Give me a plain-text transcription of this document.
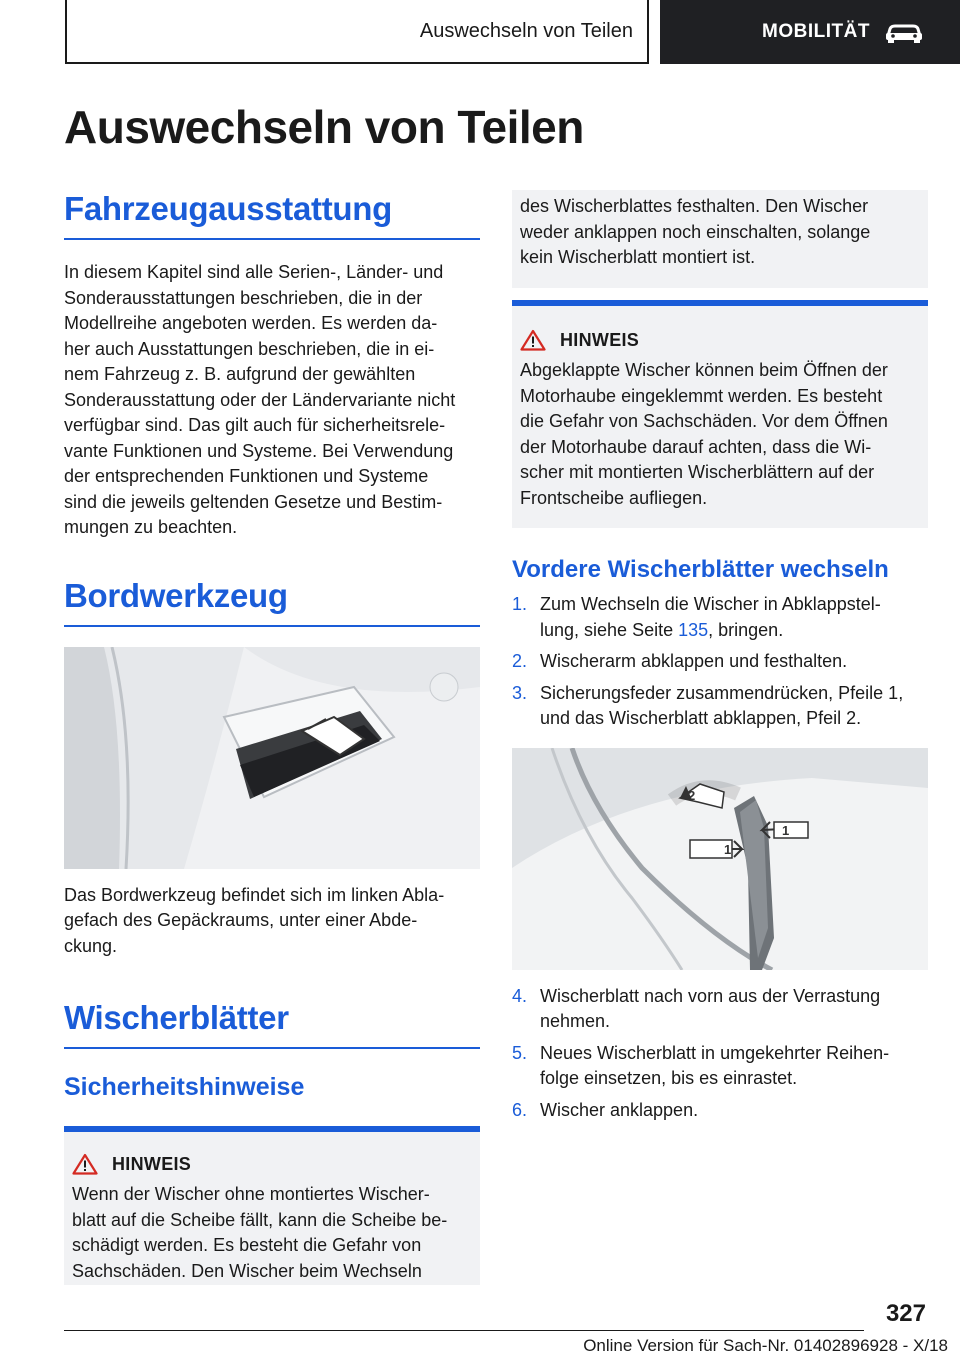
Auswechseln von Teilen	MOBILITÄT
Auswechseln von Teilen
Fahrzeugausstattung
In diesem Kapitel sind alle Serien-, Länder- und
Sonderausstattungen beschrieben, die in der
Modellreihe angeboten werden. Es werden da-
her auch Ausstattungen beschrieben, die in ei-
nem Fahrzeug z. B. aufgrund der gewählten
Sonderausstattung oder der Ländervariante nicht
verfügbar sind. Das gilt auch für sicherheitsrele-
vante Funktionen und Systeme. Bei Verwendung
der entsprechenden Funktionen und Systeme
sind die jeweils geltenden Gesetze und Bestim-
mungen zu beachten.
Bordwerkzeug
Das Bordwerkzeug befindet sich im linken Abla-
gefach des Gepäckraums, unter einer Abde-
ckung.
Wischerblätter
Sicherheitshinweise
HINWEIS
Wenn der Wischer ohne montiertes Wischer-
blatt auf die Scheibe fällt, kann die Scheibe be-
schädigt werden. Es besteht die Gefahr von
Sachschäden. Den Wischer beim Wechseln
des Wischerblattes festhalten. Den Wischer
weder anklappen noch einschalten, solange
kein Wischerblatt montiert ist.
HINWEIS
Abgeklappte Wischer können beim Öffnen der
Motorhaube eingeklemmt werden. Es besteht
die Gefahr von Sachschäden. Vor dem Öffnen
der Motorhaube darauf achten, dass die Wi-
scher mit montierten Wischerblättern auf der
Frontscheibe aufliegen.
Vordere Wischerblätter wechseln
1. Zum Wechseln die Wischer in Abklappstel-
lung, siehe Seite 135, bringen.
2. Wischerarm abklappen und festhalten.
3. Sicherungsfeder zusammendrücken, Pfeile 1,
und das Wischerblatt abklappen, Pfeil 2.
1
1
2
4. Wischerblatt nach vorn aus der Verrastung
nehmen.
5. Neues Wischerblatt in umgekehrter Reihen-
folge einsetzen, bis es einrastet.
6. Wischer anklappen.
327
Online Version für Sach-Nr. 01402896928 - X/18
